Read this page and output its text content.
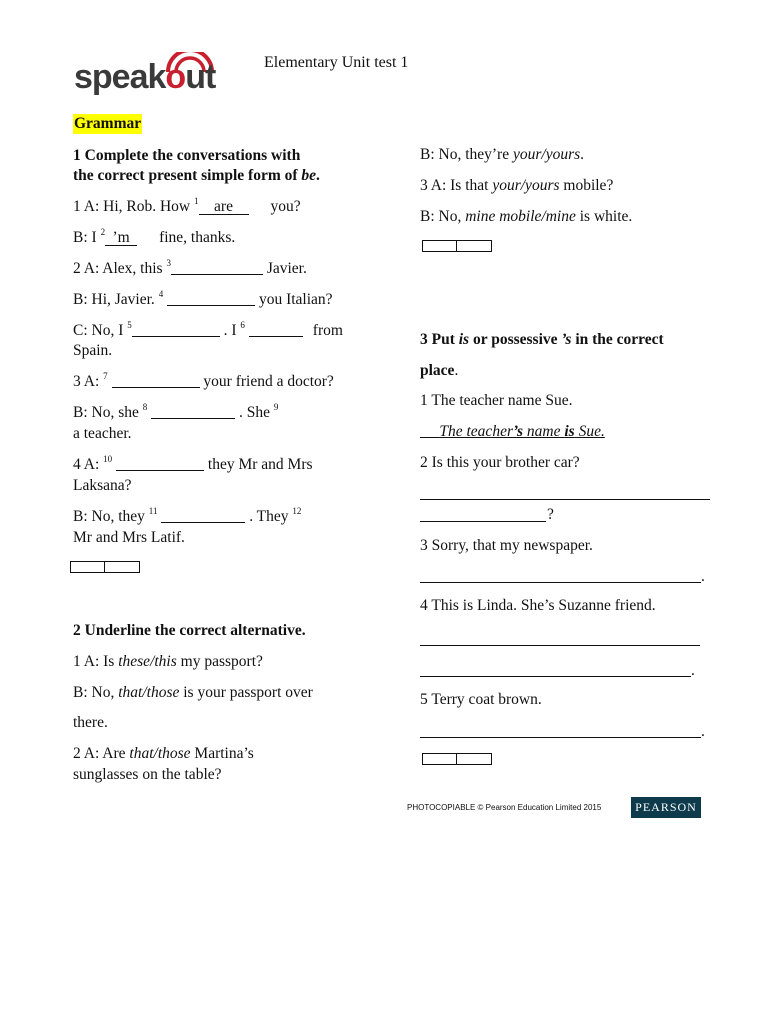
speakout	Elementary Unit test 1
Grammar
1 Complete the conversations with
the correct present simple form of be.
1 A: Hi, Rob. How $^1$ are you?
B: I $^2$ ’m fine, thanks.
2 A: Alex, this $^3$	Javier.
B: Hi, Javier. $^4$	you Italian?
C: No, I $^5$	. I $^6$	from
Spain.
3 A: $^7$	your friend a doctor?
B: No, she $^8$	. She $^9$
a teacher.
4 A: $^{10}$	they Mr and Mrs
Laksana?
B: No, they $^{11}$	. They $^{12}$
Mr and Mrs Latif.
2 Underline the correct alternative.
1 A: Is these/this my passport?
B: No, that/those is your passport over
there.
2 A: Are that/those Martina’s
sunglasses on the table?
B: No, they’re your/yours.
3 A: Is that your/yours mobile?
B: No, mine mobile/mine is white.
3 Put is or possessive ’s in the correct
place.
1 The teacher name Sue.
The teacher’s name is Sue.
2 Is this your brother car?
?
3 Sorry, that my newspaper.
.
4 This is Linda. She’s Suzanne friend.
.
5 Terry coat brown.
.
PHOTOCOPIABLE © Pearson Education Limited 2015	PEARSON
